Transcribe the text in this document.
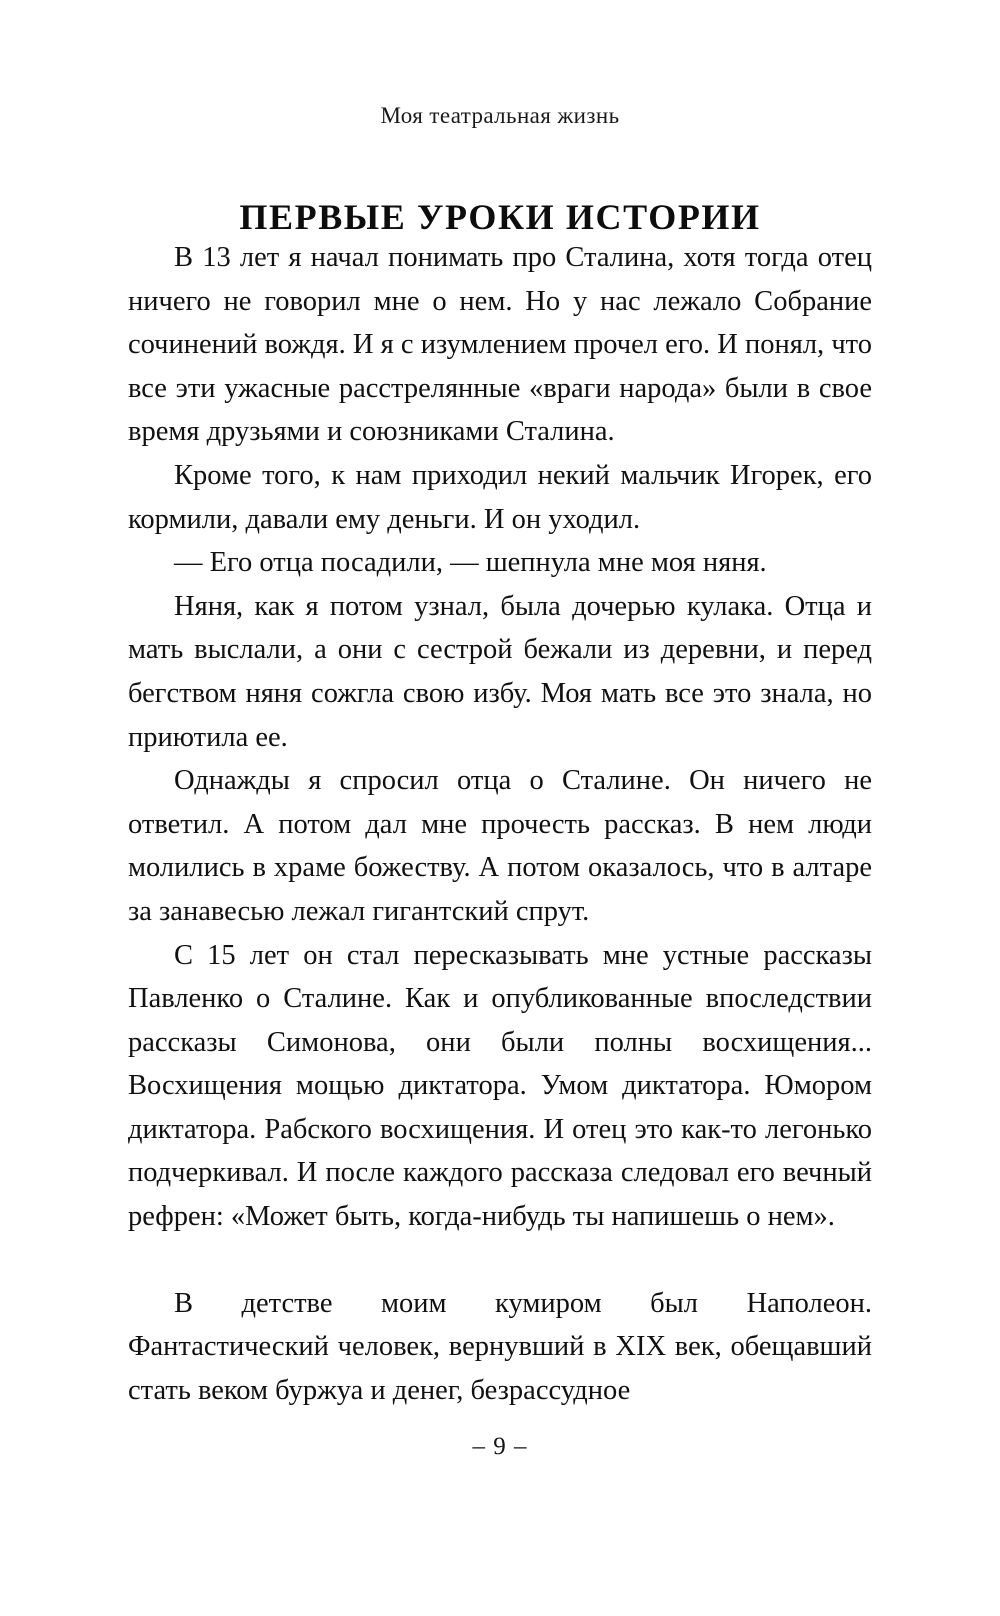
Моя театральная жизнь
ПЕРВЫЕ УРОКИ ИСТОРИИ

В 13 лет я начал понимать про Сталина, хотя тогда отец ничего не говорил мне о нем. Но у нас лежало Собрание сочинений вождя. И я с изумлением прочел его. И понял, что все эти ужасные расстрелянные «враги народа» были в свое время друзьями и союзниками Сталина.

Кроме того, к нам приходил некий мальчик Игорек, его кормили, давали ему деньги. И он уходил.

— Его отца посадили, — шепнула мне моя няня.

Няня, как я потом узнал, была дочерью кулака. Отца и мать выслали, а они с сестрой бежали из деревни, и перед бегством няня сожгла свою избу. Моя мать все это знала, но приютила ее.

Однажды я спросил отца о Сталине. Он ничего не ответил. А потом дал мне прочесть рассказ. В нем люди молились в храме божеству. А потом оказалось, что в алтаре за занавесью лежал гигантский спрут.

С 15 лет он стал пересказывать мне устные рассказы Павленко о Сталине. Как и опубликованные впоследствии рассказы Симонова, они были полны восхищения... Восхищения мощью диктатора. Умом диктатора. Юмором диктатора. Рабского восхищения. И отец это как-то легонько подчеркивал. И после каждого рассказа следовал его вечный рефрен: «Может быть, когда-нибудь ты напишешь о нем».

В детстве моим кумиром был Наполеон. Фантастический человек, вернувший в XIX век, обещавший стать веком буржуа и денег, безрассудное

– 9 –
